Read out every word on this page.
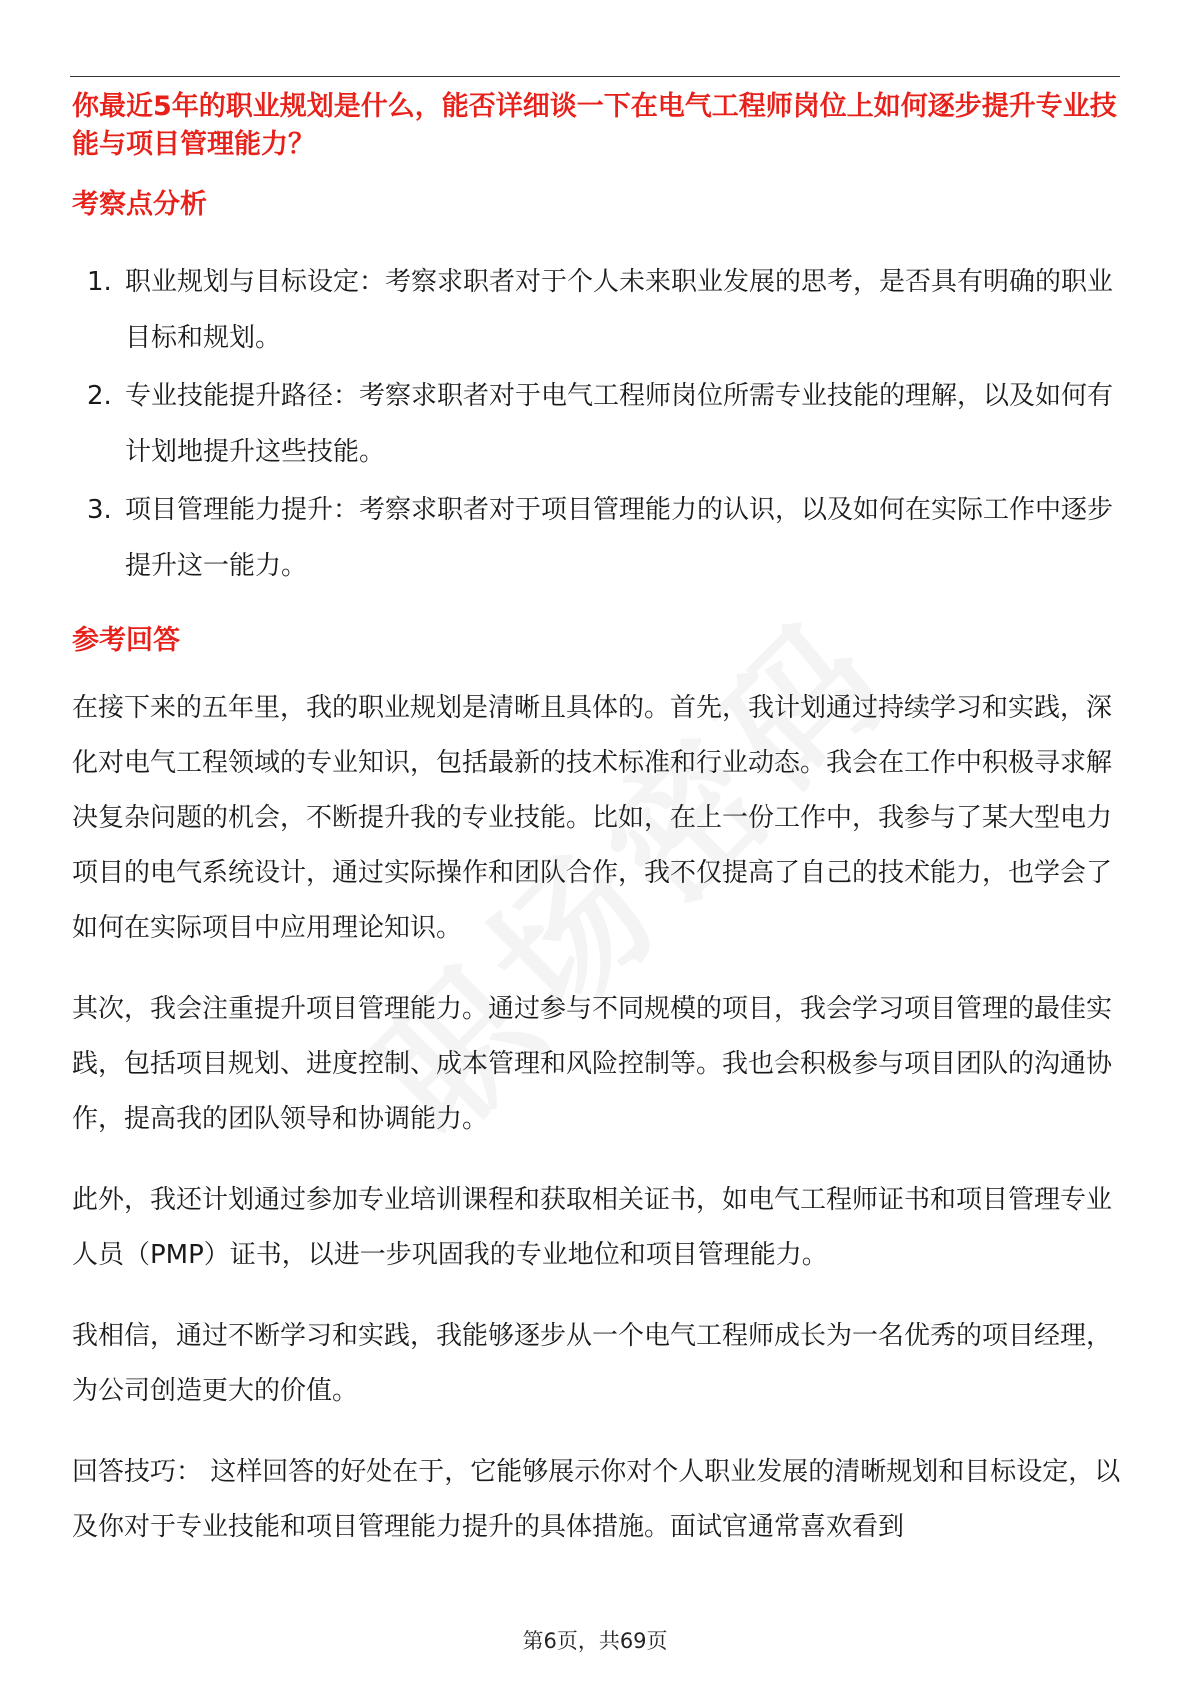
你最近5年的职业规划是什么，能否详细谈一下在电气工程师岗位上如何逐步提升专业技能与项目管理能力？

考察点分析

1. 职业规划与目标设定：考察求职者对于个人未来职业发展的思考，是否具有明确的职业目标和规划。
2. 专业技能提升路径：考察求职者对于电气工程师岗位所需专业技能的理解，以及如何有计划地提升这些技能。
3. 项目管理能力提升：考察求职者对于项目管理能力的认识，以及如何在实际工作中逐步提升这一能力。

参考回答

在接下来的五年里，我的职业规划是清晰且具体的。首先，我计划通过持续学习和实践，深化对电气工程领域的专业知识，包括最新的技术标准和行业动态。我会在工作中积极寻求解决复杂问题的机会，不断提升我的专业技能。比如，在上一份工作中，我参与了某大型电力项目的电气系统设计，通过实际操作和团队合作，我不仅提高了自己的技术能力，也学会了如何在实际项目中应用理论知识。

其次，我会注重提升项目管理能力。通过参与不同规模的项目，我会学习项目管理的最佳实践，包括项目规划、进度控制、成本管理和风险控制等。我也会积极参与项目团队的沟通协作，提高我的团队领导和协调能力。

此外，我还计划通过参加专业培训课程和获取相关证书，如电气工程师证书和项目管理专业人员（PMP）证书，以进一步巩固我的专业地位和项目管理能力。

我相信，通过不断学习和实践，我能够逐步从一个电气工程师成长为一名优秀的项目经理，为公司创造更大的价值。

回答技巧： 这样回答的好处在于，它能够展示你对个人职业发展的清晰规划和目标设定，以及你对于专业技能和项目管理能力提升的具体措施。面试官通常喜欢看到

第6页，共69页
